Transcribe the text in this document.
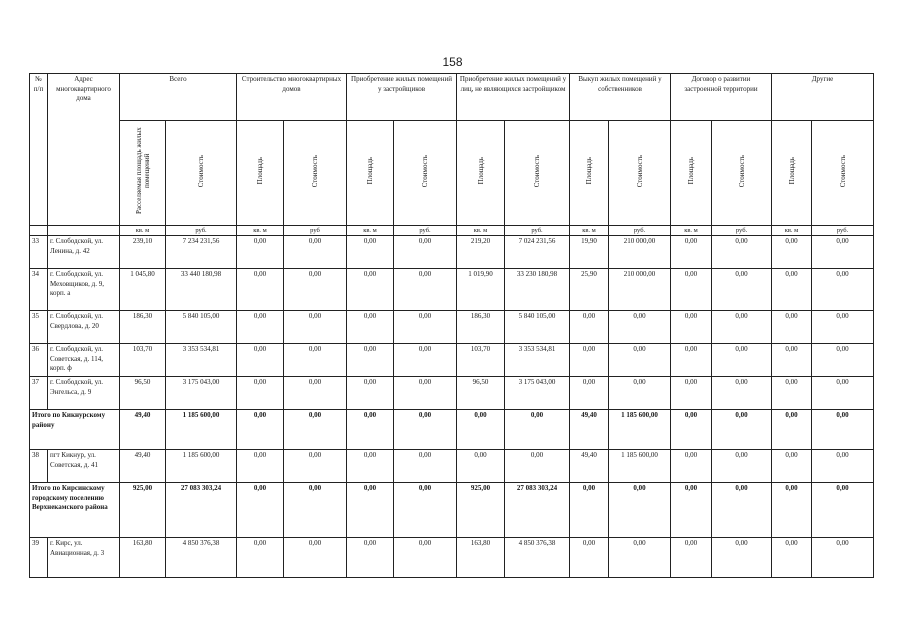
158
№ п/п	Адрес многоквартирного дома	Всего		Строительство многоквартирных домов		Приобретение жилых помещений у застройщиков		Приобретение жилых помещений у лиц, не являющихся застройщиком		Выкуп жилых помещений у собственников		Договор о развитии застроенной территории		Другие	
		Расселяемая площадь жилых помещений	Стоимость	Площадь	Стоимость	Площадь	Стоимость	Площадь	Стоимость	Площадь	Стоимость	Площадь	Стоимость	Площадь	Стоимость
		кв. м	руб.	кв. м	руб	кв. м	руб.	кв. м	руб.	кв. м	руб.	кв. м	руб.	кв. м	руб.
33	г. Слободской, ул. Ленина, д. 42	239,10	7 234 231,56	0,00	0,00	0,00	0,00	219,20	7 024 231,56	19,90	210 000,00	0,00	0,00	0,00	0,00
34	г. Слободской, ул. Меховщиков, д. 9, корп. а	1 045,80	33 440 180,98	0,00	0,00	0,00	0,00	1 019,90	33 230 180,98	25,90	210 000,00	0,00	0,00	0,00	0,00
35	г. Слободской, ул. Свердлова, д. 20	186,30	5 840 105,00	0,00	0,00	0,00	0,00	186,30	5 840 105,00	0,00	0,00	0,00	0,00	0,00	0,00
36	г. Слободской, ул. Советская, д. 114, корп. ф	103,70	3 353 534,81	0,00	0,00	0,00	0,00	103,70	3 353 534,81	0,00	0,00	0,00	0,00	0,00	0,00
37	г. Слободской, ул. Энгельса, д. 9	96,50	3 175 043,00	0,00	0,00	0,00	0,00	96,50	3 175 043,00	0,00	0,00	0,00	0,00	0,00	0,00
Итого по Кикнурскому району		49,40	1 185 600,00	0,00	0,00	0,00	0,00	0,00	0,00	49,40	1 185 600,00	0,00	0,00	0,00	0,00
38	пгт Кикнур, ул. Советская, д. 41	49,40	1 185 600,00	0,00	0,00	0,00	0,00	0,00	0,00	49,40	1 185 600,00	0,00	0,00	0,00	0,00
Итого по Кирсинскому городскому поселению Верхнекамского района		925,00	27 083 303,24	0,00	0,00	0,00	0,00	925,00	27 083 303,24	0,00	0,00	0,00	0,00	0,00	0,00
39	г. Кирс, ул. Авиационная, д. 3	163,80	4 850 376,38	0,00	0,00	0,00	0,00	163,80	4 850 376,38	0,00	0,00	0,00	0,00	0,00	0,00
